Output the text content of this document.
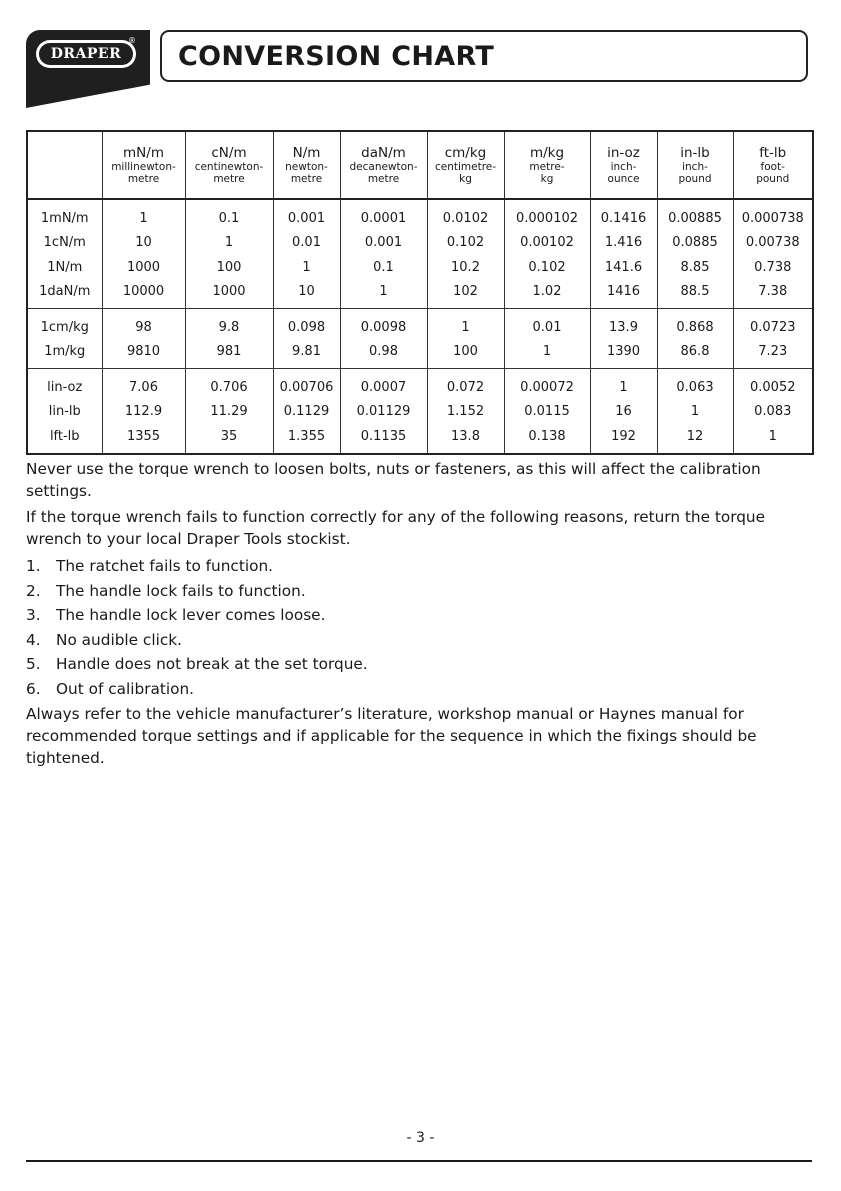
DRAPER
® CONVERSION CHART

	mN/m
millinewton-
metre	cN/m
centinewton-
metre	N/m
newton-
metre	daN/m
decanewton-
metre	cm/kg
centimetre-
kg	m/kg
metre-
kg	in-oz
inch-
ounce	in-lb
inch-
pound	ft-lb
foot-
pound

1mN/m	1	0.1	0.001	0.0001	0.0102	0.000102	0.1416	0.00885	0.000738
1cN/m	10	1	0.01	0.001	0.102	0.00102	1.416	0.0885	0.00738
1N/m	1000	100	1	0.1	10.2	0.102	141.6	8.85	0.738
1daN/m	10000	1000	10	1	102	1.02	1416	88.5	7.38
1cm/kg	98	9.8	0.098	0.0098	1	0.01	13.9	0.868	0.0723
1m/kg	9810	981	9.81	0.98	100	1	1390	86.8	7.23
lin-oz	7.06	0.706	0.00706	0.0007	0.072	0.00072	1	0.063	0.0052
lin-lb	112.9	11.29	0.1129	0.01129	1.152	0.0115	16	1	0.083
lft-lb	1355	35	1.355	0.1135	13.8	0.138	192	12	1

Never use the torque wrench to loosen bolts, nuts or fasteners, as this will affect the calibration settings.

If the torque wrench fails to function correctly for any of the following reasons, return the torque wrench to your local Draper Tools stockist.

1.	The ratchet fails to function.
2.	The handle lock fails to function.
3.	The handle lock lever comes loose.
4.	No audible click.
5.	Handle does not break at the set torque.
6.	Out of calibration.

Always refer to the vehicle manufacturer’s literature, workshop manual or Haynes manual for recommended torque settings and if applicable for the sequence in which the fixings should be tightened.

- 3 -
